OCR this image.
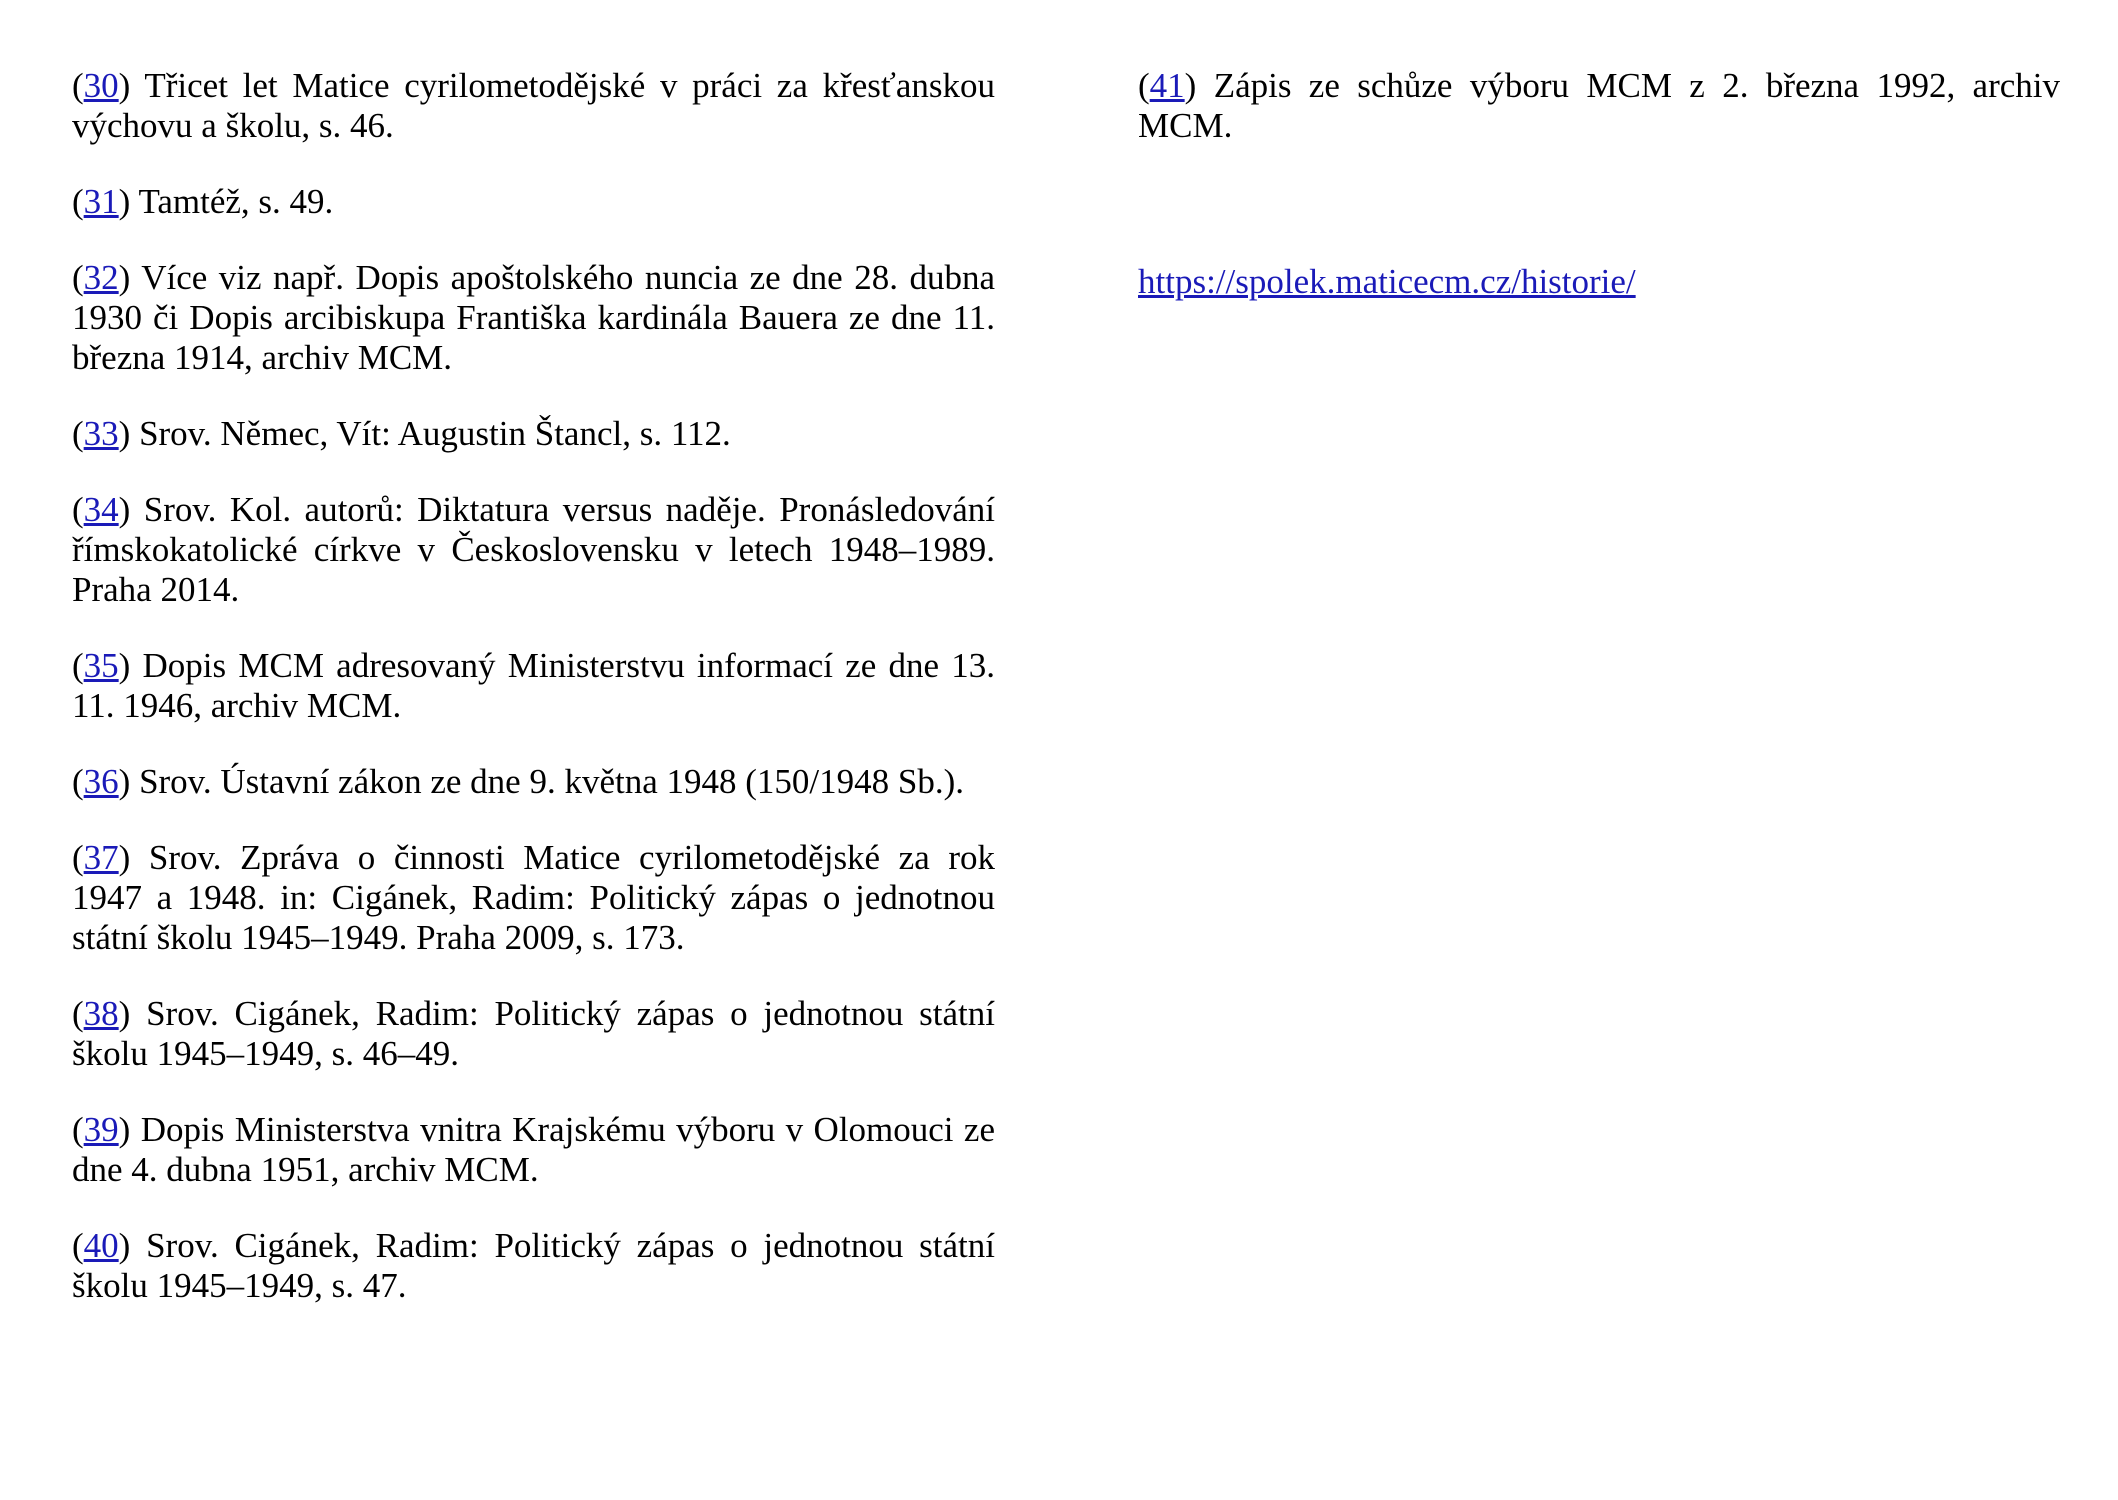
(30) Třicet let Matice cyrilometodějské v práci za křesťanskou výchovu a školu, s. 46.

(31) Tamtéž, s. 49.

(32) Více viz např. Dopis apoštolského nuncia ze dne 28. dubna 1930 či Dopis arcibiskupa Františka kardinála Bauera ze dne 11. března 1914, archiv MCM.

(33) Srov. Němec, Vít: Augustin Štancl, s. 112.

(34) Srov. Kol. autorů: Diktatura versus naděje. Pronásledování římskokatolické církve v Československu v letech 1948–1989. Praha 2014.

(35) Dopis MCM adresovaný Ministerstvu informací ze dne 13. 11. 1946, archiv MCM.

(36) Srov. Ústavní zákon ze dne 9. května 1948 (150/1948 Sb.).

(37) Srov. Zpráva o činnosti Matice cyrilometodějské za rok 1947 a 1948. in: Cigánek, Radim: Politický zápas o jednotnou státní školu 1945–1949. Praha 2009, s. 173.

(38) Srov. Cigánek, Radim: Politický zápas o jednotnou státní školu 1945–1949, s. 46–49.

(39) Dopis Ministerstva vnitra Krajskému výboru v Olomouci ze dne 4. dubna 1951, archiv MCM.

(40) Srov. Cigánek, Radim: Politický zápas o jednotnou státní školu 1945–1949, s. 47.

(41) Zápis ze schůze výboru MCM z 2. března 1992, archiv MCM.

https://spolek.maticecm.cz/historie/
